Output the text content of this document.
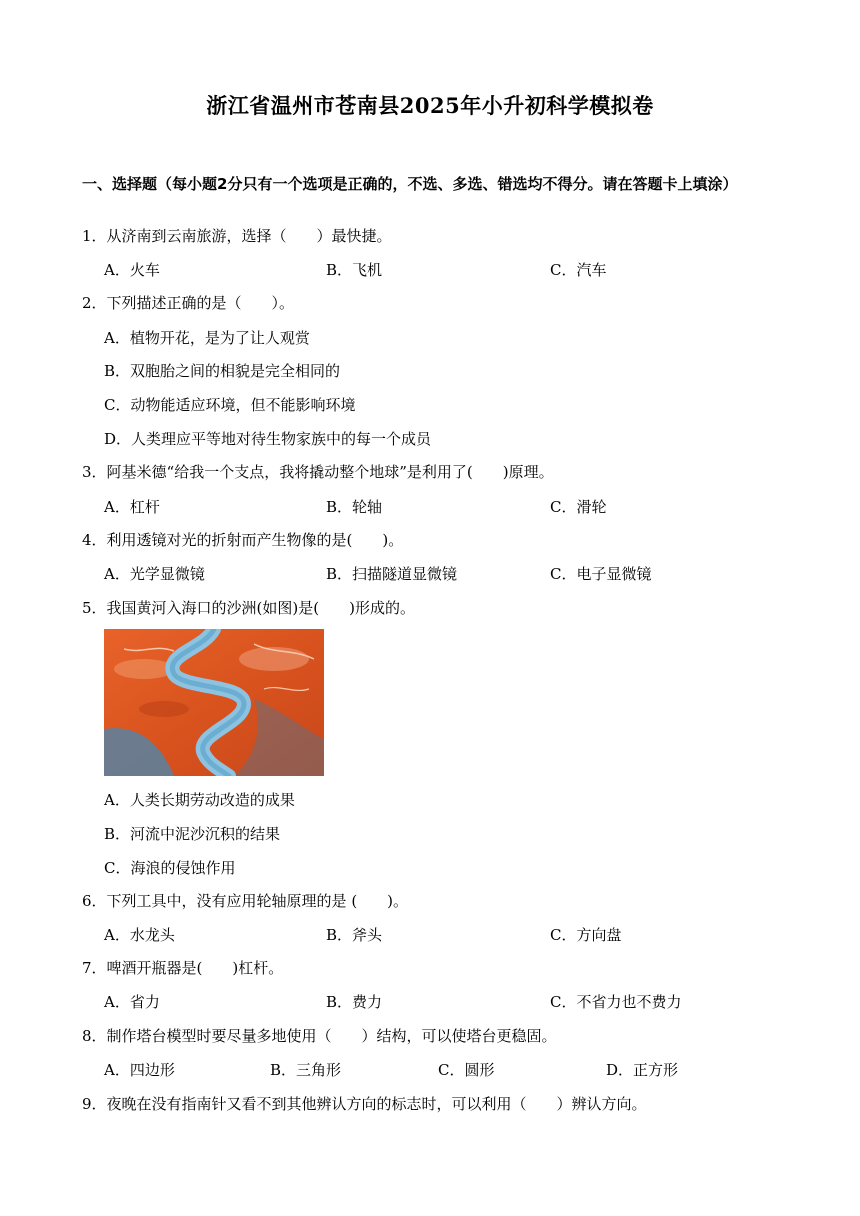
浙江省温州市苍南县2025年小升初科学模拟卷
一、选择题（每小题2分只有一个选项是正确的，不选、多选、错选均不得分。请在答题卡上填涂）
1．从济南到云南旅游，选择（　　）最快捷。
A．火车	B．飞机	C．汽车
2．下列描述正确的是（　　）。
A．植物开花，是为了让人观赏
B．双胞胎之间的相貌是完全相同的
C．动物能适应环境，但不能影响环境
D．人类理应平等地对待生物家族中的每一个成员
3．阿基米德“给我一个支点，我将撬动整个地球”是利用了(　　)原理。
A．杠杆	B．轮轴	C．滑轮
4．利用透镜对光的折射而产生物像的是(　　)。
A．光学显微镜	B．扫描隧道显微镜	C．电子显微镜
5．我国黄河入海口的沙洲(如图)是(　　)形成的。
A．人类长期劳动改造的成果
B．河流中泥沙沉积的结果
C．海浪的侵蚀作用
6．下列工具中，没有应用轮轴原理的是 (　　)。
A．水龙头	B．斧头	C．方向盘
7．啤酒开瓶器是(　　)杠杆。
A．省力	B．费力	C．不省力也不费力
8．制作塔台模型时要尽量多地使用（　　）结构，可以使塔台更稳固。
A．四边形	B．三角形	C．圆形	D．正方形
9．夜晚在没有指南针又看不到其他辨认方向的标志时，可以利用（　　）辨认方向。
